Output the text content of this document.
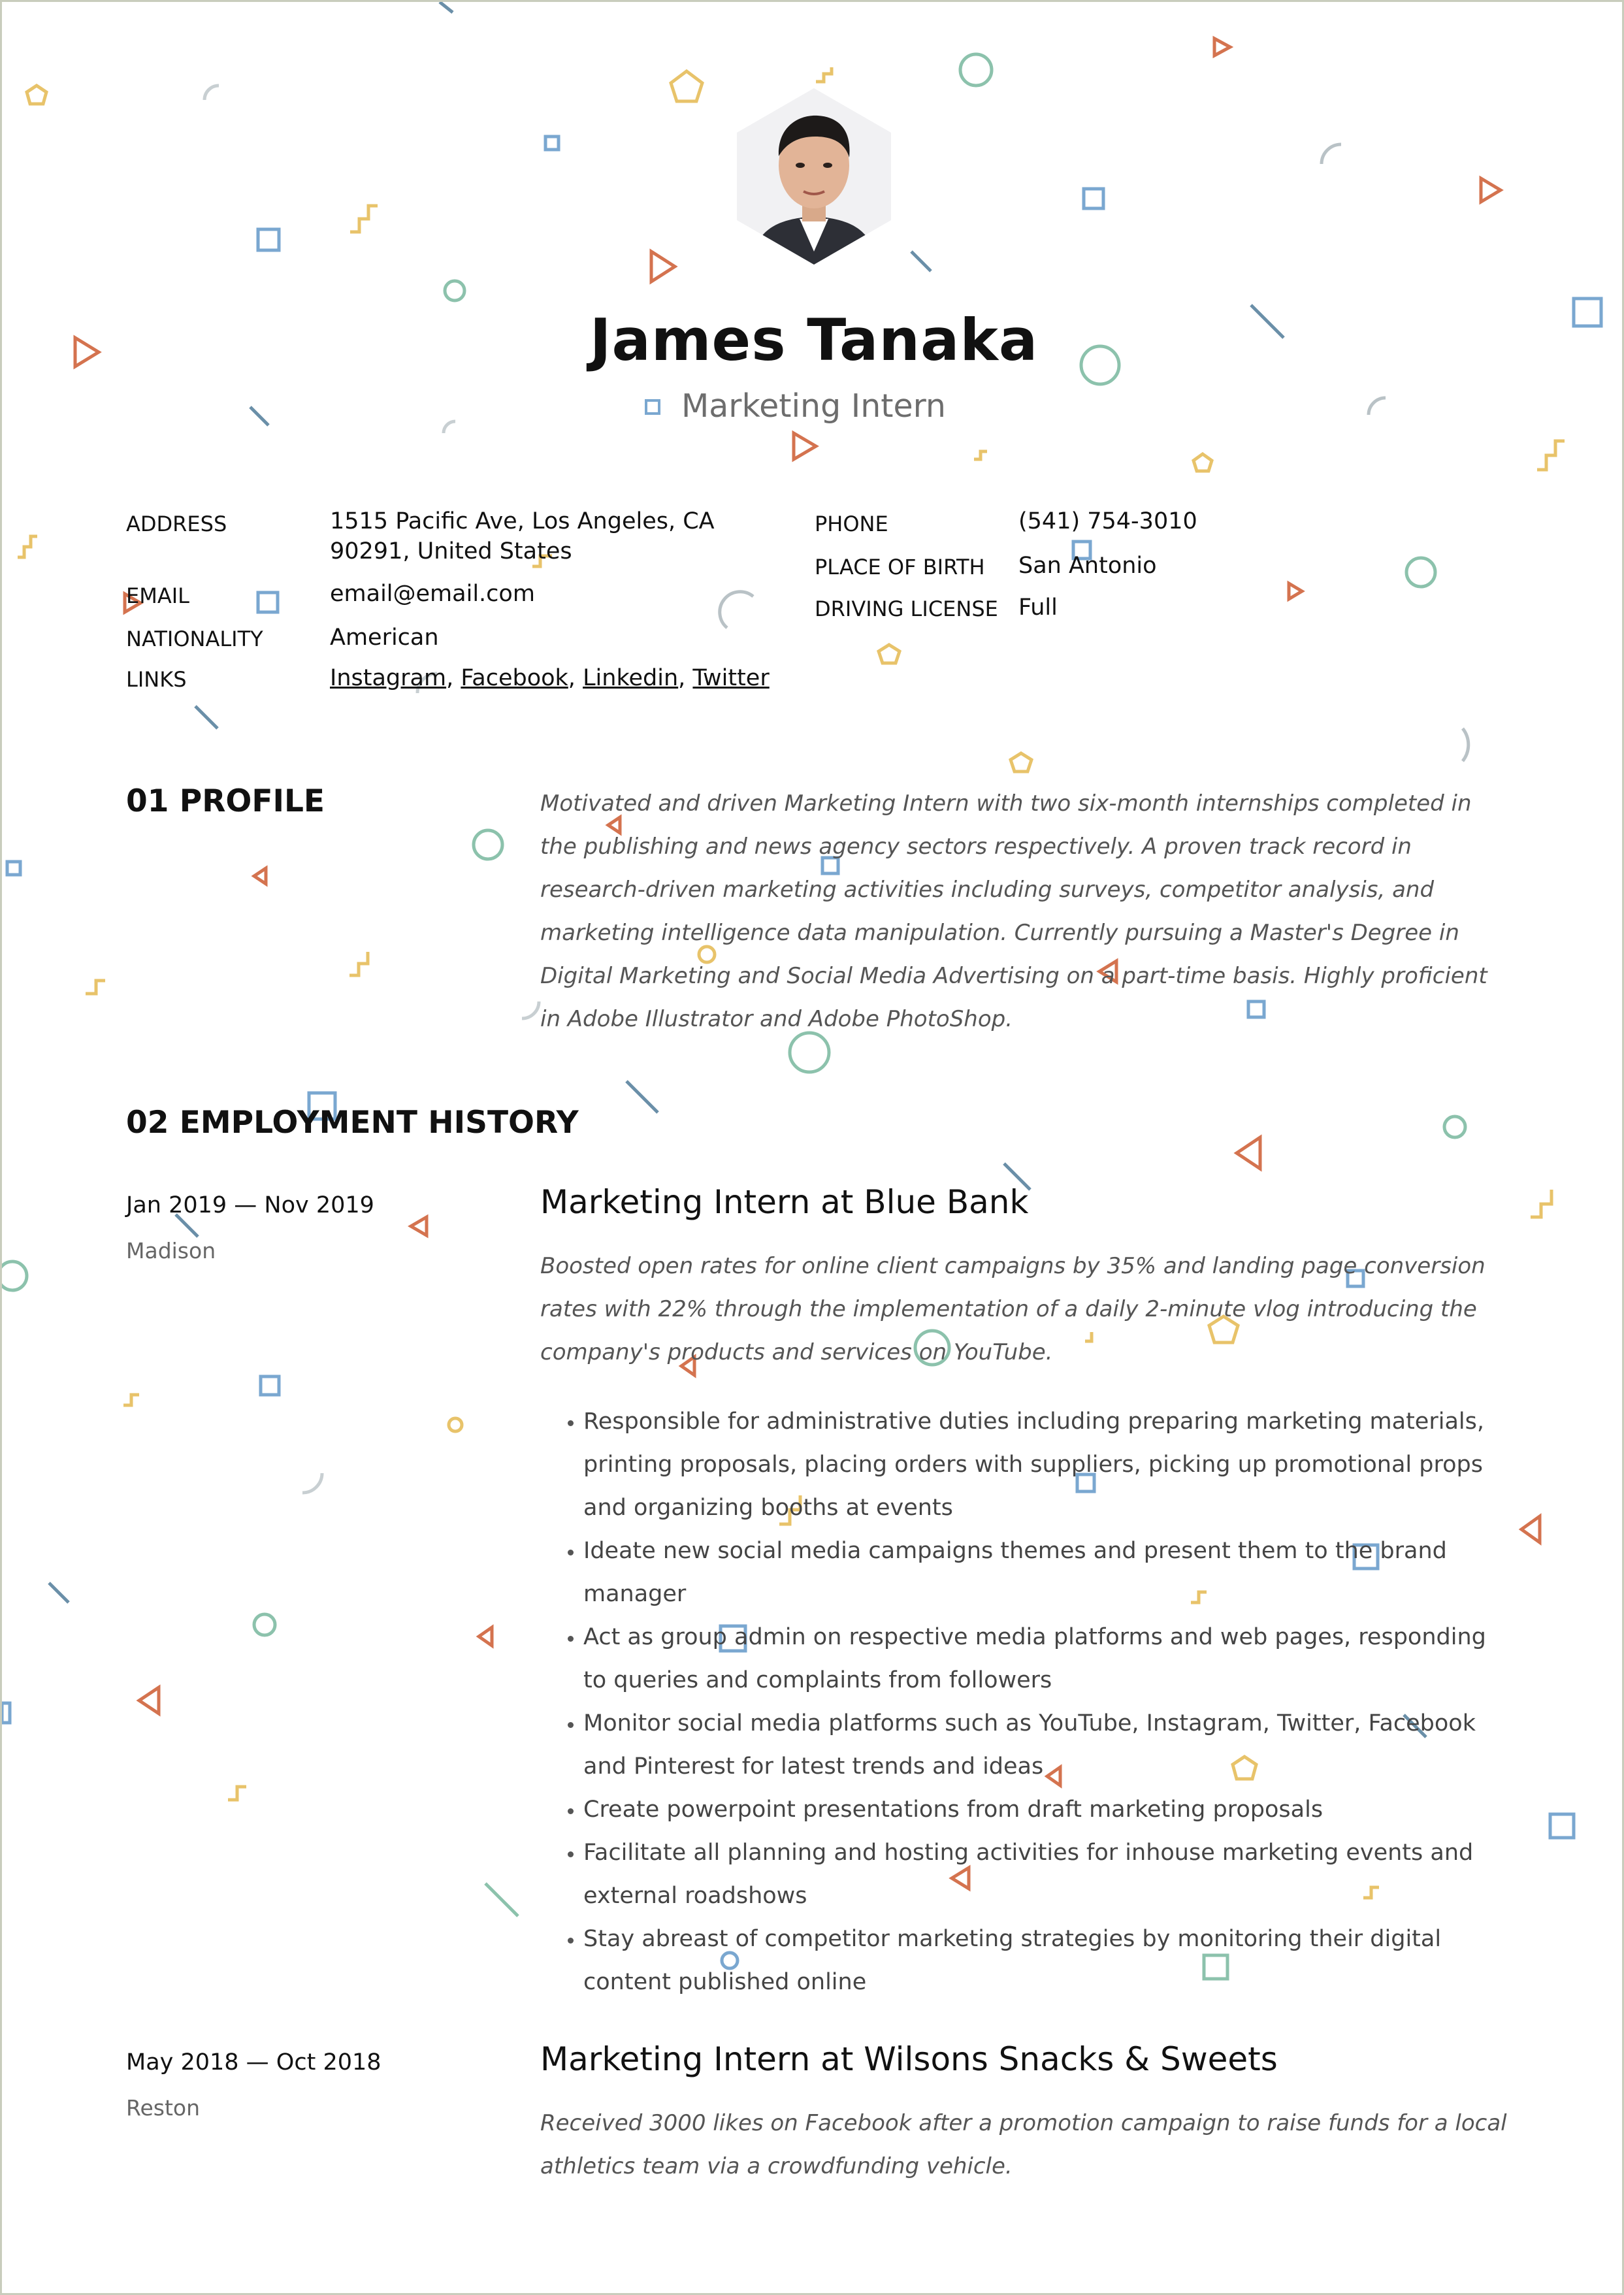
James Tanaka
Marketing Intern
ADDRESS	1515 Pacific Ave, Los Angeles, CA
90291, United States
EMAIL	email@email.com
NATIONALITY	American
LINKS	Instagram, Facebook, Linkedin, Twitter
PHONE	(541) 754-3010
PLACE OF BIRTH San Antonio
DRIVING LICENSE Full
01 PROFILE	Motivated and driven Marketing Intern with two six-month internships completed in the publishing and news agency sectors respectively. A proven track record in research-driven marketing activities including surveys, competitor analysis, and marketing intelligence data manipulation. Currently pursuing a Master's Degree in Digital Marketing and Social Media Advertising on a part-time basis. Highly proficient in Adobe Illustrator and Adobe PhotoShop.
02 EMPLOYMENT HISTORY
Jan 2019 — Nov 2019
Madison
Marketing Intern at Blue Bank
Boosted open rates for online client campaigns by 35% and landing page conversion rates with 22% through the implementation of a daily 2-minute vlog introducing the company's products and services on YouTube.
• Responsible for administrative duties including preparing marketing materials, printing proposals, placing orders with suppliers, picking up promotional props and organizing booths at events
• Ideate new social media campaigns themes and present them to the brand manager
• Act as group admin on respective media platforms and web pages, responding to queries and complaints from followers
• Monitor social media platforms such as YouTube, Instagram, Twitter, Facebook and Pinterest for latest trends and ideas
• Create powerpoint presentations from draft marketing proposals
• Facilitate all planning and hosting activities for inhouse marketing events and external roadshows
• Stay abreast of competitor marketing strategies by monitoring their digital content published online
May 2018 — Oct 2018
Reston
Marketing Intern at Wilsons Snacks & Sweets
Received 3000 likes on Facebook after a promotion campaign to raise funds for a local athletics team via a crowdfunding vehicle.
